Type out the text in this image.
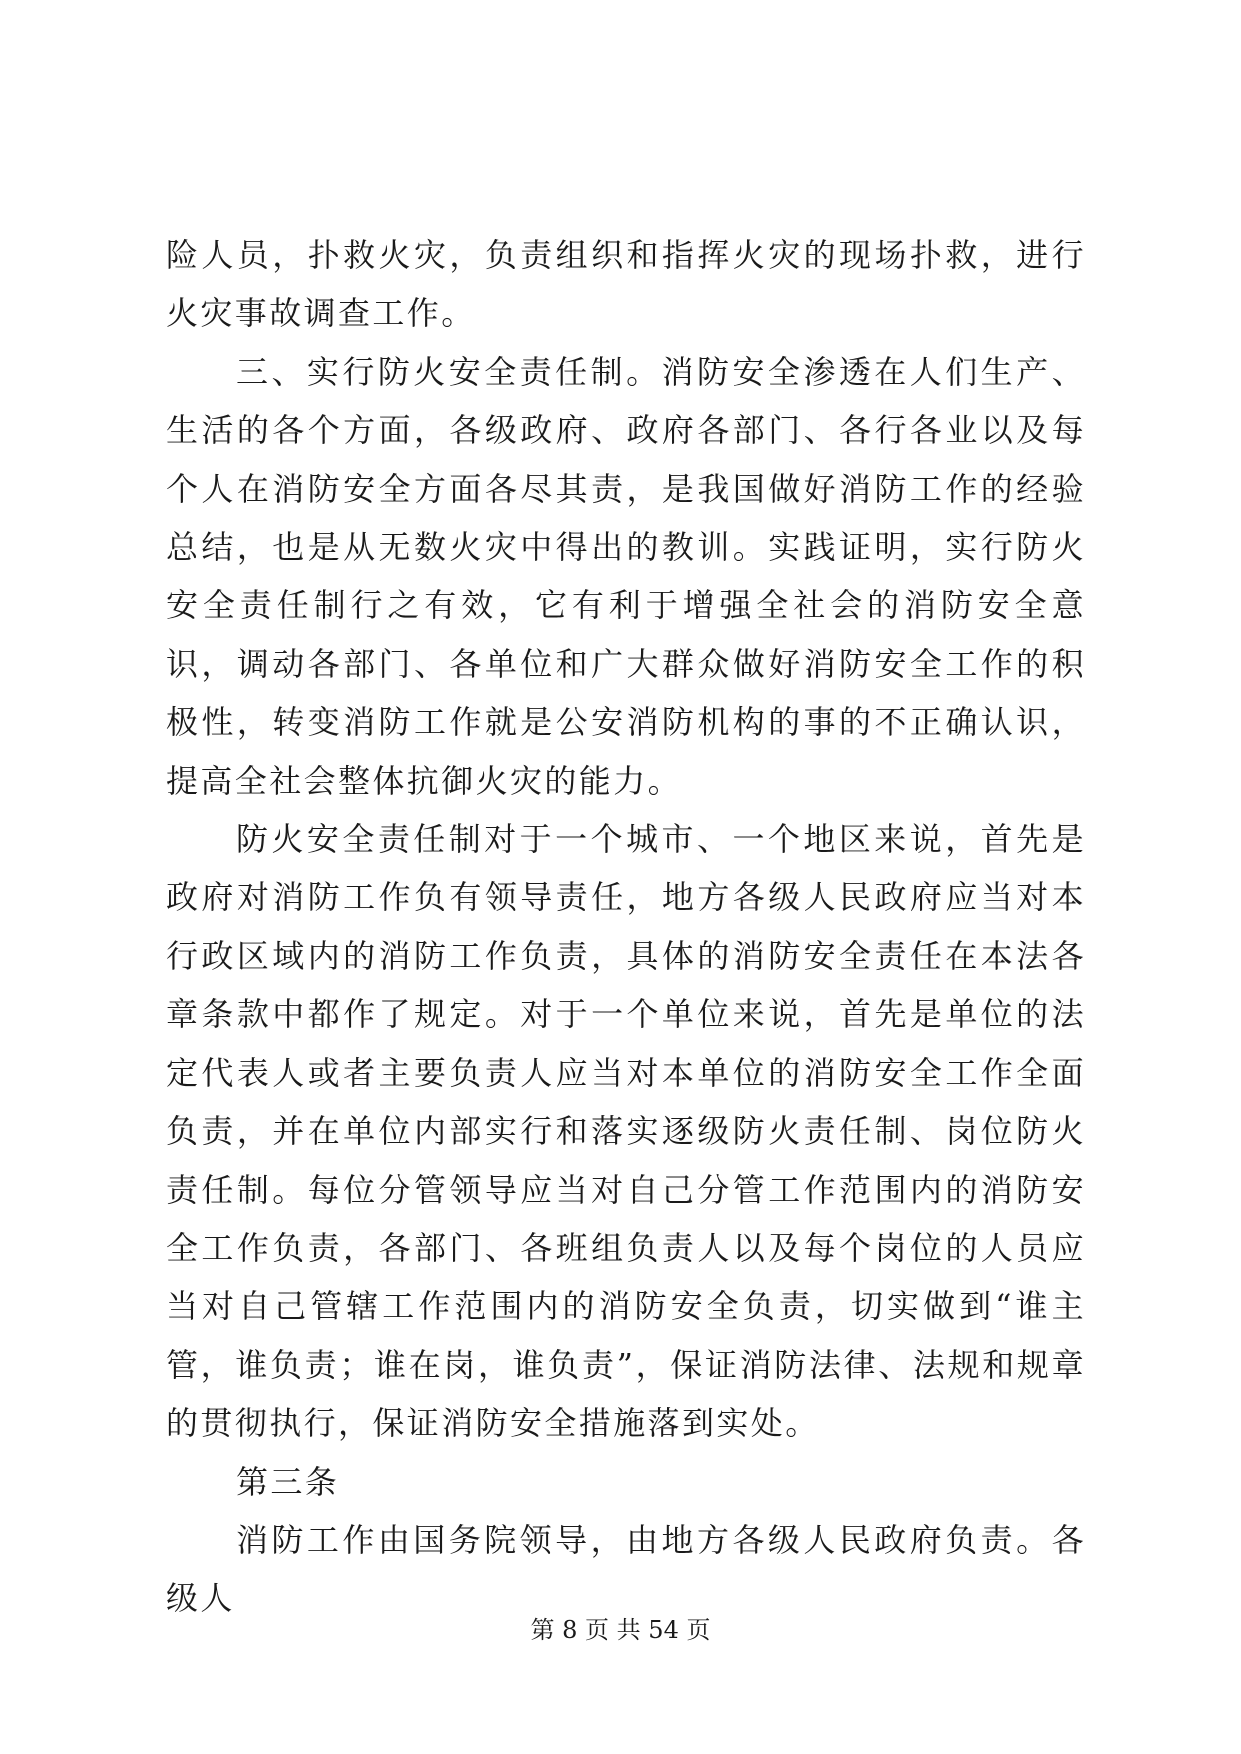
险人员，扑救火灾，负责组织和指挥火灾的现场扑救，进行火灾事故调查工作。

三、实行防火安全责任制。消防安全渗透在人们生产、生活的各个方面，各级政府、政府各部门、各行各业以及每个人在消防安全方面各尽其责，是我国做好消防工作的经验总结，也是从无数火灾中得出的教训。实践证明，实行防火安全责任制行之有效，它有利于增强全社会的消防安全意识，调动各部门、各单位和广大群众做好消防安全工作的积极性，转变消防工作就是公安消防机构的事的不正确认识，提高全社会整体抗御火灾的能力。

防火安全责任制对于一个城市、一个地区来说，首先是政府对消防工作负有领导责任，地方各级人民政府应当对本行政区域内的消防工作负责，具体的消防安全责任在本法各章条款中都作了规定。对于一个单位来说，首先是单位的法定代表人或者主要负责人应当对本单位的消防安全工作全面负责，并在单位内部实行和落实逐级防火责任制、岗位防火责任制。每位分管领导应当对自己分管工作范围内的消防安全工作负责，各部门、各班组负责人以及每个岗位的人员应当对自己管辖工作范围内的消防安全负责，切实做到“谁主管，谁负责；谁在岗，谁负责”，保证消防法律、法规和规章的贯彻执行，保证消防安全措施落到实处。

第三条

消防工作由国务院领导，由地方各级人民政府负责。各级人

第 8 页 共 54 页
